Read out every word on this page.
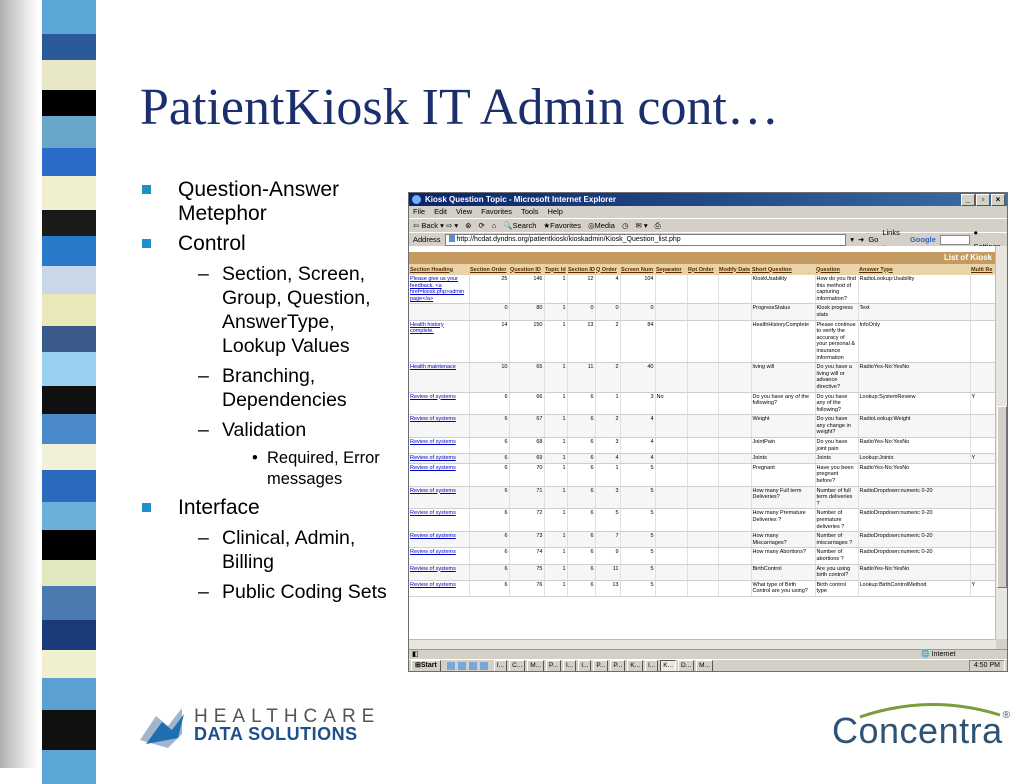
PatientKiosk IT Admin cont…
Question-Answer Metephor
Control
– Section, Screen, Group, Question, AnswerType, Lookup Values
– Branching, Dependencies
– Validation
• Required, Error messages
Interface
– Clinical, Admin, Billing
– Public Coding Sets
Kiosk Question Topic - Microsoft Internet Explorer	_	▫	×
File Edit View Favorites Tools Help
⇦ Back ▾ ⇨ ▾ ⊗ ⟳ ⌂ 🔍Search ★Favorites ◎Media ◷ ✉ ▾ ⎙
Address	http://hcdat.dyndns.org/patientkiosk/kioskadmin/Kiosk_Question_list.php	▾ ➜ Go
Links
Google
●
List of Kiosk
Section Heading	Section Order	Question ID	Topic Id	Section ID	Q Order	Screen Num	Separator	Rpt Order	Modify Date	Short Question	Question	Answer Type	Multi Re
Please give us your feedback. <a href=kiosk.php>admin page</a>	25	146	1	12	4	104				KioskUsability	How do you find this method of capturing information?	RadioLookup:Usability	
	0	80	1	0	0	0				ProgressStatus	Kiosk progress stats	Text	
Health history complete.	14	150	1	13	2	84				HealthHistoryComplete	Please continue to verify the accuracy of your personal & insurance information	InfoOnly	
Health maintenace	10	65	1	11	2	40				living will	Do you have a living will or advance directive?	RadioYes-No:YesNo	
Review of systems	6	66	1	6	1	3	No			Do you have any of the following?	Do you have any of the following?	Lookup:SystemReview	Y
Review of systems	6	67	1	6	2	4				Weight	Do you have any change in weight?	RadioLookup:Weight	
Review of systems	6	68	1	6	3	4				JointPain	Do you have joint pain	RadioYes-No:YesNo	
Review of systems	6	69	1	6	4	4				Joints	Joints	Lookup:Joints	Y
Review of systems	6	70	1	6	1	5				Pregnant	Have you been pregnant before?	RadioYes-No:YesNo	
Review of systems	6	71	1	6	3	5				How many Full term Deliveries?	Number of full term deliveries ?	RadioDropdown:numeric 0-20	
Review of systems	6	72	1	6	5	5				How many Premature Deliveries ?	Number of premature deliveries ?	RadioDropdown:numeric 0-20	
Review of systems	6	73	1	6	7	5				How many Miscarriages?	Number of miscarriages ?	RadioDropdown:numeric 0-20	
Review of systems	6	74	1	6	9	5				How many Abortions?	Number of abortions ?	RadioDropdown:numeric 0-20	
Review of systems	6	75	1	6	11	5				BirthControl	Are you using birth control?	RadioYes-No:YesNo	
Review of systems	6	76	1	6	13	5				What type of Birth Control are you using?	Birth control type	Lookup:BirthControlMethod	Y
◧	🌐 Internet
⊞Start	I...	C...	M...	P...	I...	I...	P...	P...	K...	I...	K...	D...	M...	4:50 PM
HEALTHCARE
DATA SOLUTIONS	Concentra®
